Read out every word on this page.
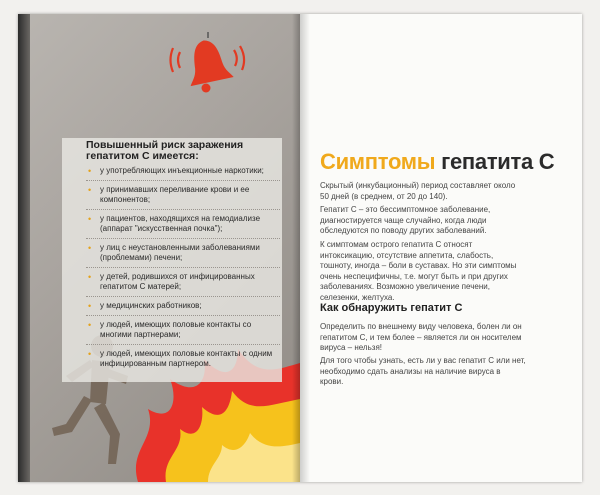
Повышенный риск заражения гепатитом С имеется:

• у употребляющих инъекционные наркотики;
• у принимавших переливание крови и ее компонентов;
• у пациентов, находящихся на гемодиализе (аппарат "искусственная почка");
• у лиц с неустановленными заболеваниями (проблемами) печени;
• у детей, родившихся от инфицированных гепатитом С матерей;
• у медицинских работников;
• у людей, имеющих половые контакты со многими партнерами;
• у людей, имеющих половые контакты с одним инфицированным партнером.
Симптомы гепатита С

Скрытый (инкубационный) период составляет около 50 дней (в среднем, от 20 до 140).

Гепатит С – это бессимптомное заболевание, диагностируется чаще случайно, когда люди обследуются по поводу других заболеваний.

К симптомам острого гепатита С относят интоксикацию, отсутствие аппетита, слабость, тошноту, иногда – боли в суставах. Но эти симптомы очень неспецифичны, т.е. могут быть и при других заболеваниях. Возможно увеличение печени, селезенки, желтуха.

Как обнаружить гепатит С

Определить по внешнему виду человека, болен ли он гепатитом С, и тем более – является ли он носителем вируса – нельзя!

Для того чтобы узнать, есть ли у вас гепатит С или нет, необходимо сдать анализы на наличие вируса в крови.
